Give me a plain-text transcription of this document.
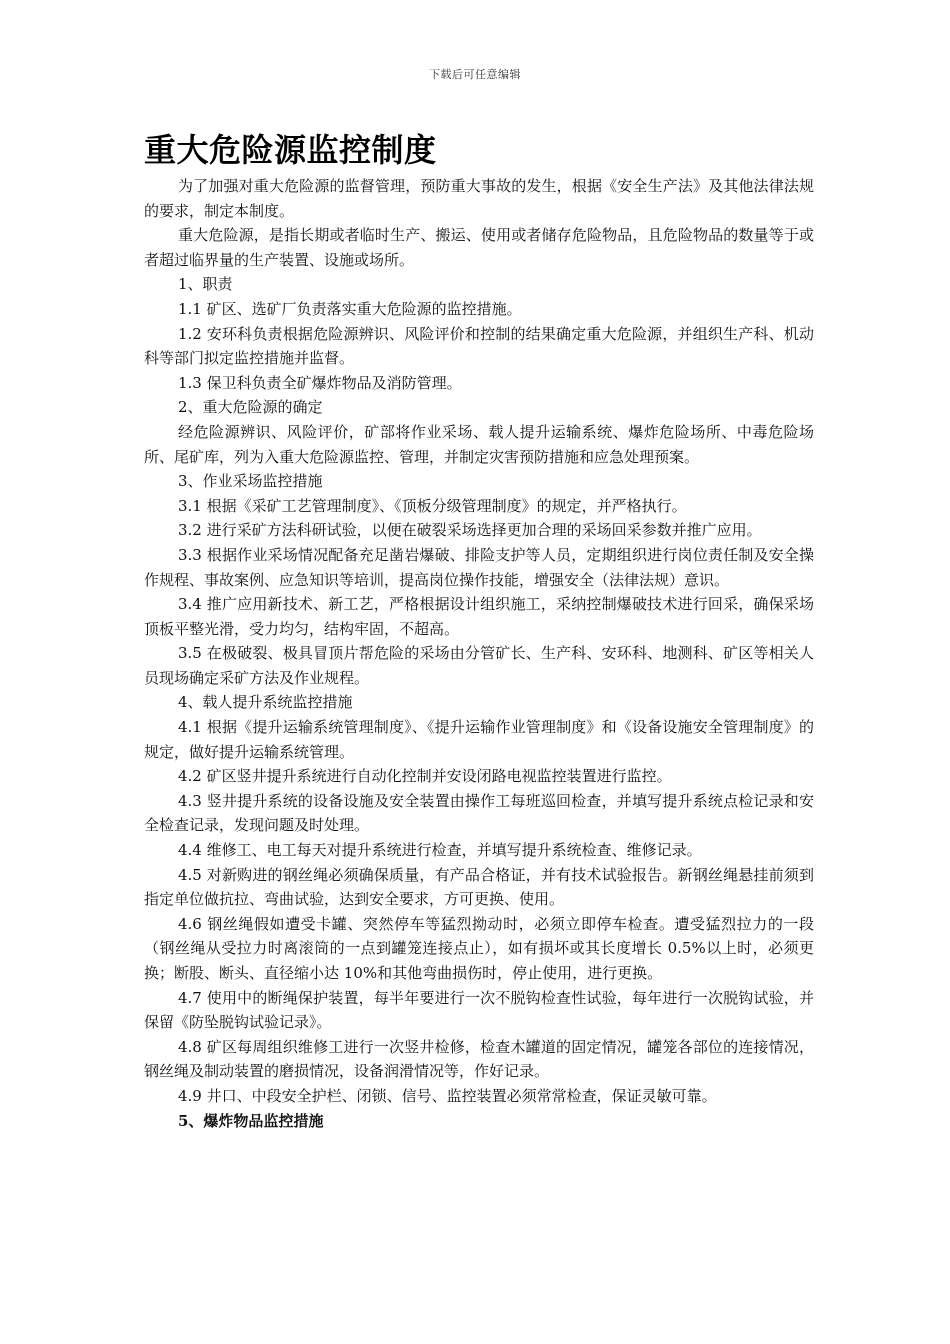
下载后可任意编辑
重大危险源监控制度

为了加强对重大危险源的监督管理，预防重大事故的发生，根据《安全生产法》及其他法律法规的要求，制定本制度。

重大危险源，是指长期或者临时生产、搬运、使用或者储存危险物品，且危险物品的数量等于或者超过临界量的生产装置、设施或场所。

1、职责

1.1 矿区、选矿厂负责落实重大危险源的监控措施。

1.2 安环科负责根据危险源辨识、风险评价和控制的结果确定重大危险源，并组织生产科、机动科等部门拟定监控措施并监督。

1.3 保卫科负责全矿爆炸物品及消防管理。

2、重大危险源的确定

经危险源辨识、风险评价，矿部将作业采场、载人提升运输系统、爆炸危险场所、中毒危险场所、尾矿库，列为入重大危险源监控、管理，并制定灾害预防措施和应急处理预案。

3、作业采场监控措施

3.1 根据《采矿工艺管理制度》、《顶板分级管理制度》的规定，并严格执行。

3.2 进行采矿方法科研试验，以便在破裂采场选择更加合理的采场回采参数并推广应用。

3.3 根据作业采场情况配备充足凿岩爆破、排险支护等人员，定期组织进行岗位责任制及安全操作规程、事故案例、应急知识等培训，提高岗位操作技能，增强安全（法律法规）意识。

3.4 推广应用新技术、新工艺，严格根据设计组织施工，采纳控制爆破技术进行回采，确保采场顶板平整光滑，受力均匀，结构牢固，不超高。

3.5 在极破裂、极具冒顶片帮危险的采场由分管矿长、生产科、安环科、地测科、矿区等相关人员现场确定采矿方法及作业规程。

4、载人提升系统监控措施

4.1 根据《提升运输系统管理制度》、《提升运输作业管理制度》和《设备设施安全管理制度》的规定，做好提升运输系统管理。

4.2 矿区竖井提升系统进行自动化控制并安设闭路电视监控装置进行监控。

4.3 竖井提升系统的设备设施及安全装置由操作工每班巡回检查，并填写提升系统点检记录和安全检查记录，发现问题及时处理。

4.4 维修工、电工每天对提升系统进行检查，并填写提升系统检查、维修记录。

4.5 对新购进的钢丝绳必须确保质量，有产品合格证，并有技术试验报告。新钢丝绳悬挂前须到指定单位做抗拉、弯曲试验，达到安全要求，方可更换、使用。

4.6 钢丝绳假如遭受卡罐、突然停车等猛烈拗动时，必须立即停车检查。遭受猛烈拉力的一段（钢丝绳从受拉力时离滚筒的一点到罐笼连接点止），如有损坏或其长度增长 0.5%以上时，必须更换；断股、断头、直径缩小达 10%和其他弯曲损伤时，停止使用，进行更换。

4.7 使用中的断绳保护装置，每半年要进行一次不脱钩检查性试验，每年进行一次脱钩试验，并保留《防坠脱钩试验记录》。

4.8 矿区每周组织维修工进行一次竖井检修，检查木罐道的固定情况，罐笼各部位的连接情况，钢丝绳及制动装置的磨损情况，设备润滑情况等，作好记录。

4.9 井口、中段安全护栏、闭锁、信号、监控装置必须常常检查，保证灵敏可靠。

5、爆炸物品监控措施
